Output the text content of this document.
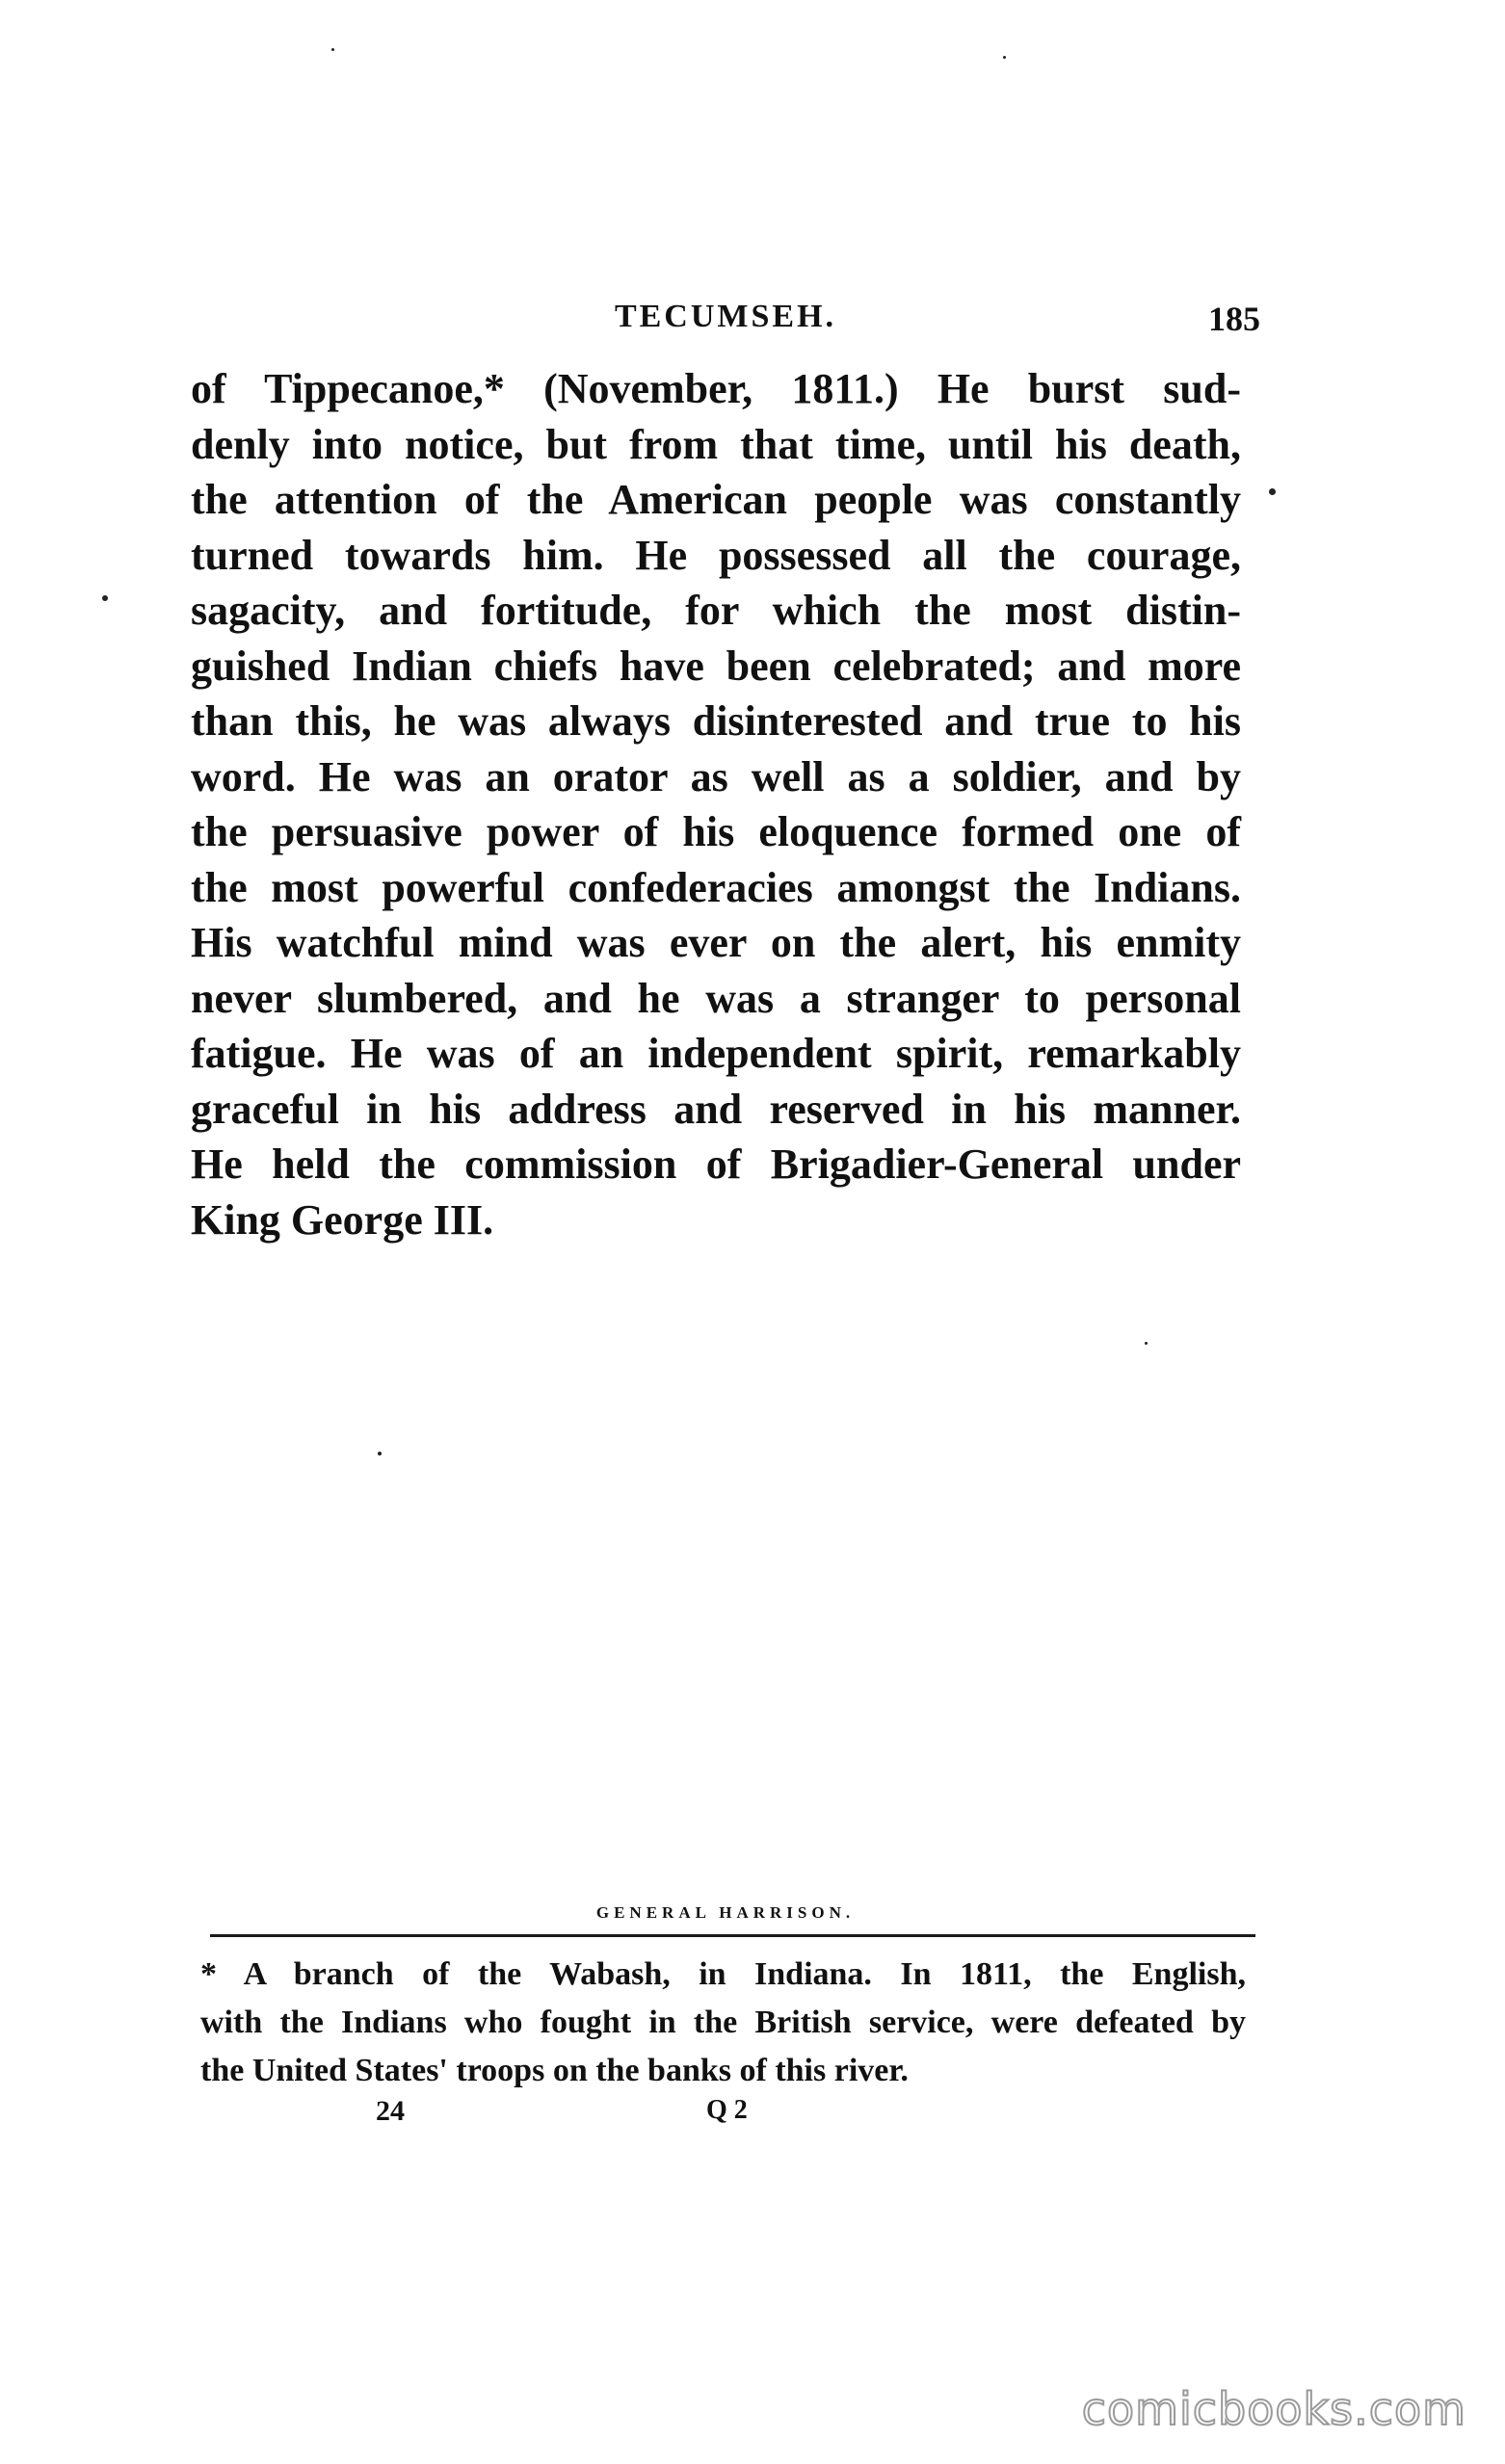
TECUMSEH.	185

of Tippecanoe,* (November, 1811.) He burst sud-
denly into notice, but from that time, until his death,
the attention of the American people was constantly
turned towards him. He possessed all the courage,
sagacity, and fortitude, for which the most distin-
guished Indian chiefs have been celebrated; and more
than this, he was always disinterested and true to his
word. He was an orator as well as a soldier, and by
the persuasive power of his eloquence formed one of
the most powerful confederacies amongst the Indians.
His watchful mind was ever on the alert, his enmity
never slumbered, and he was a stranger to personal
fatigue. He was of an independent spirit, remarkably
graceful in his address and reserved in his manner.
He held the commission of Brigadier-General under
King George III.

GENERAL HARRISON.
* A branch of the Wabash, in Indiana. In 1811, the English,
with the Indians who fought in the British service, were defeated by
the United States' troops on the banks of this river.
24	Q 2
comicbooks.com
